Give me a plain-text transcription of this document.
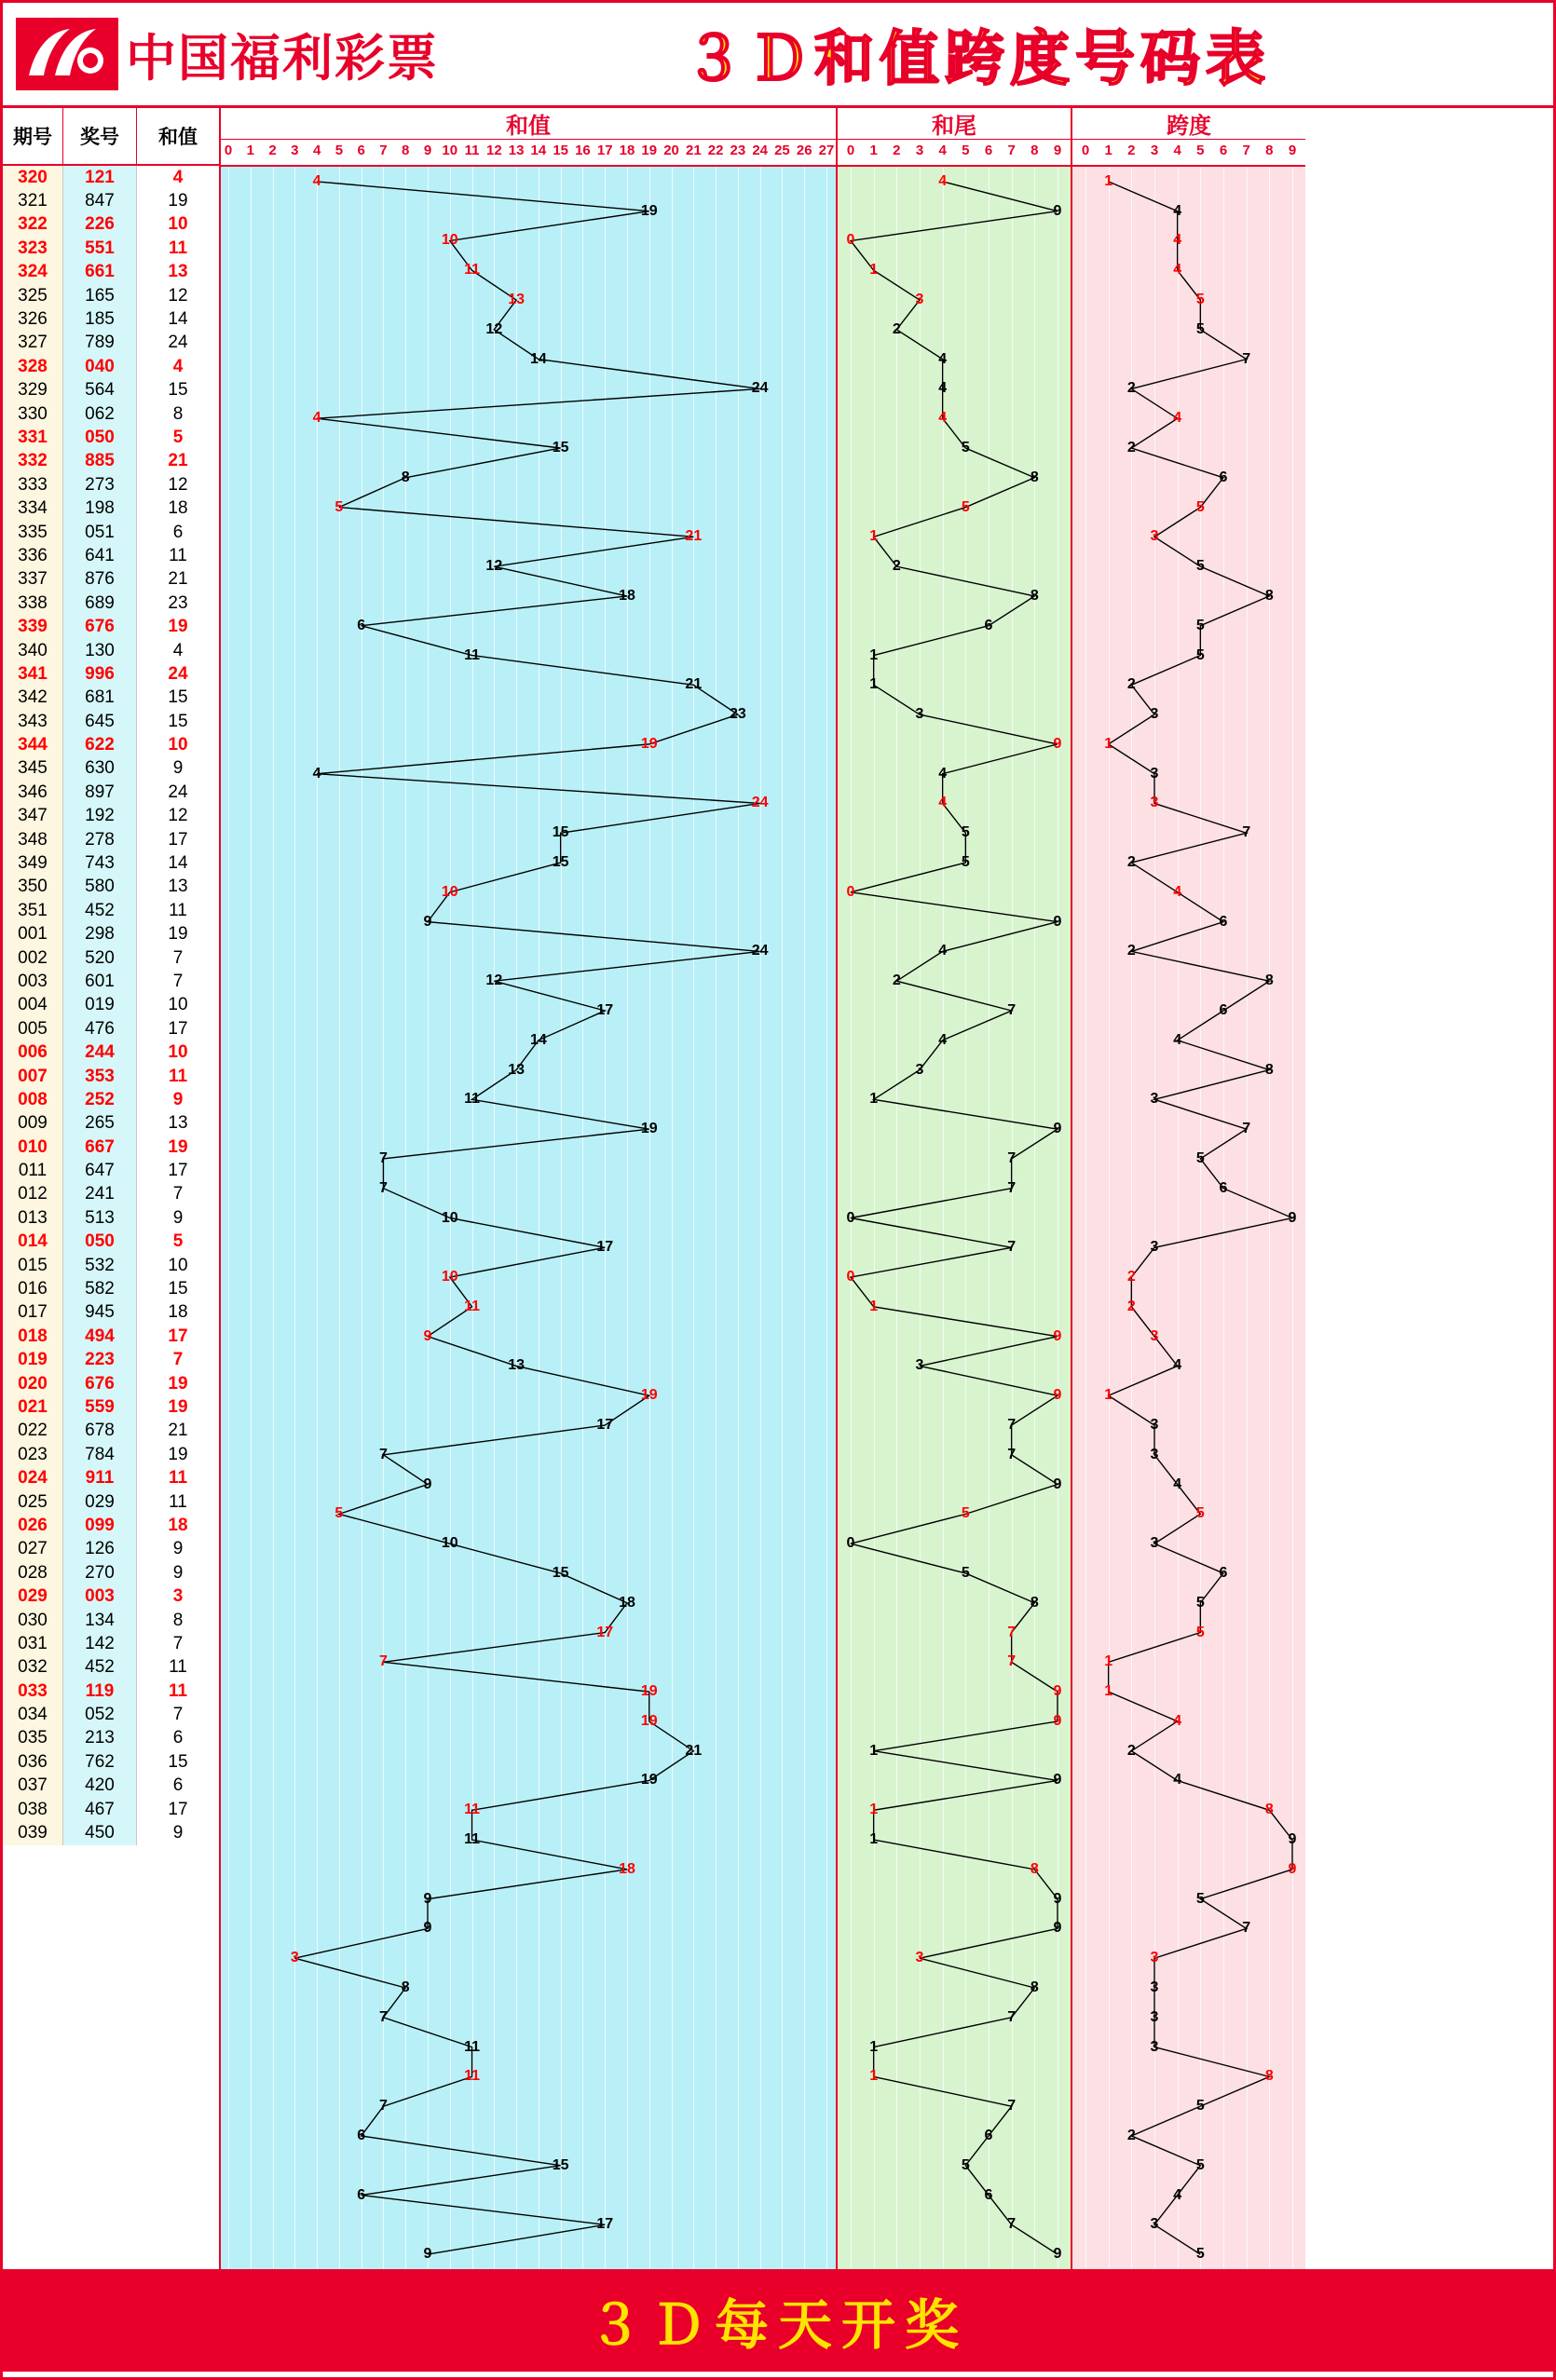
中国福利彩票	３Ｄ和值跨度号码表
期号	奖号	和值
320	121	4
321	847	19
322	226	10
323	551	11
324	661	13
325	165	12
326	185	14
327	789	24
328	040	4
329	564	15
330	062	8
331	050	5
332	885	21
333	273	12
334	198	18
335	051	6
336	641	11
337	876	21
338	689	23
339	676	19
340	130	4
341	996	24
342	681	15
343	645	15
344	622	10
345	630	9
346	897	24
347	192	12
348	278	17
349	743	14
350	580	13
351	452	11
001	298	19
002	520	7
003	601	7
004	019	10
005	476	17
006	244	10
007	353	11
008	252	9
009	265	13
010	667	19
011	647	17
012	241	7
013	513	9
014	050	5
015	532	10
016	582	15
017	945	18
018	494	17
019	223	7
020	676	19
021	559	19
022	678	21
023	784	19
024	911	11
025	029	11
026	099	18
027	126	9
028	270	9
029	003	3
030	134	8
031	142	7
032	452	11
033	119	11
034	052	7
035	213	6
036	762	15
037	420	6
038	467	17
039	450	9
和值
0 1 2 3 4 5 6 7 8 9 10 11 12 13 14 15 16 17 18 19 20 21 22 23 24 25 26 27
4
19
10
11
13
12
14
24
4
15
8
5
21
12
18
6
11
21
23
19
4
24
15
15
10
9
24
12
17
14
13
11
19
7
7
10
17
10
11
9
13
19
17
7
9
5
10
15
18
17
7
19
19
21
19
11
11
18
9
9
3
8
7
11
11
7
6
15
6
17
9
和尾
0 1 2 3 4 5 6 7 8 9
4
9
0
1
3
2
4
4
4
5
8
5
1
2
8
6
1
1
3
9
4
4
5
5
0
9
4
2
7
4
3
1
9
7
7
0
7
0
1
9
3
9
7
7
9
5
0
5
8
7
7
9
9
1
9
1
1
8
9
9
3
8
7
1
1
7
6
5
6
7
9
跨度
0 1 2 3 4 5 6 7 8 9
1
4
4
4
5
5
7
2
4
2
6
5
3
5
8
5
5
2
3
1
3
3
7
2
4
6
2
8
6
4
8
3
7
5
6
9
3
2
2
3
4
1
3
3
4
5
3
6
5
5
1
1
4
2
4
8
9
9
5
7
3
3
3
3
8
5
2
5
4
3
5
３Ｄ每天开奖
